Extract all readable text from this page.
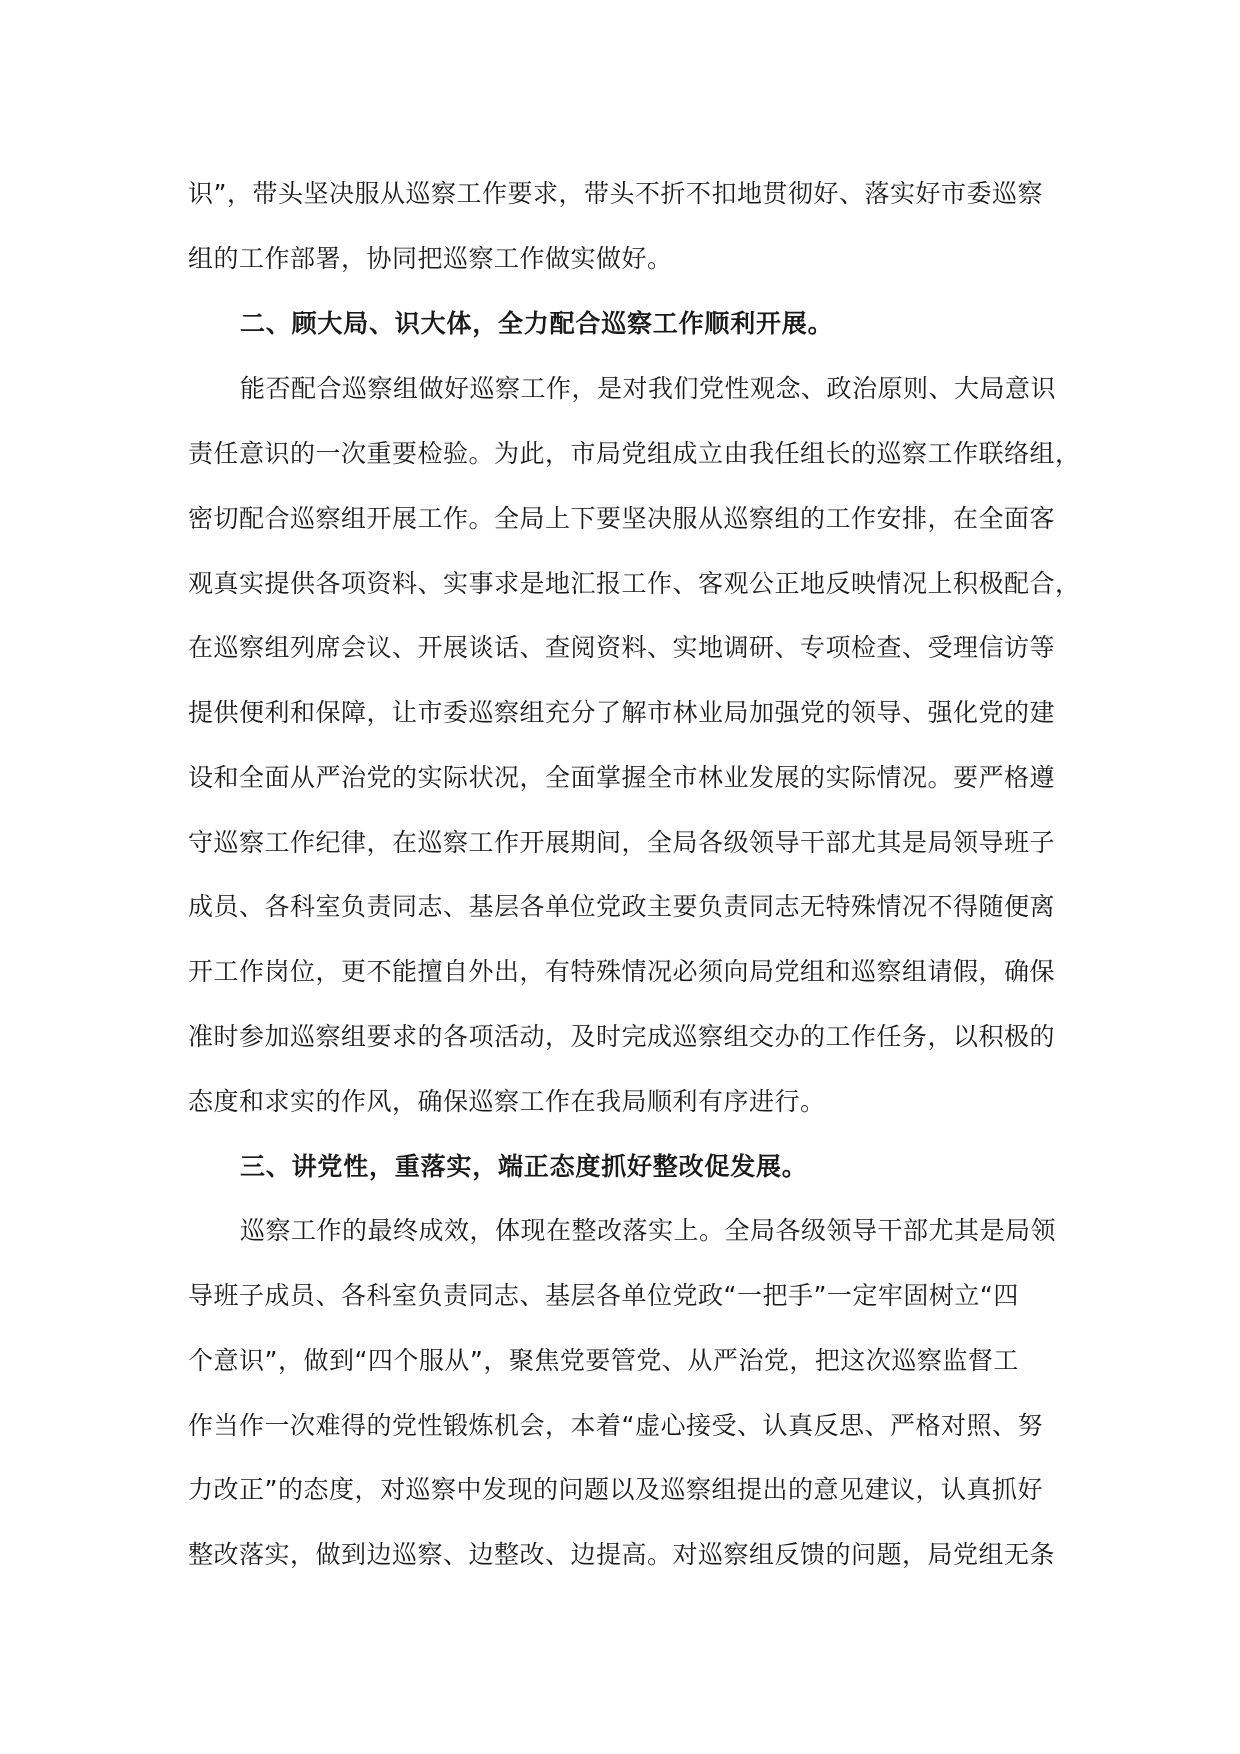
识”，带头坚决服从巡察工作要求，带头不折不扣地贯彻好、落实好市委巡察
组的工作部署，协同把巡察工作做实做好。
二、顾大局、识大体，全力配合巡察工作顺利开展。
能否配合巡察组做好巡察工作，是对我们党性观念、政治原则、大局意识
责任意识的一次重要检验。为此，市局党组成立由我任组长的巡察工作联络组，
密切配合巡察组开展工作。全局上下要坚决服从巡察组的工作安排，在全面客
观真实提供各项资料、实事求是地汇报工作、客观公正地反映情况上积极配合，
在巡察组列席会议、开展谈话、查阅资料、实地调研、专项检查、受理信访等
提供便利和保障，让市委巡察组充分了解市林业局加强党的领导、强化党的建
设和全面从严治党的实际状况，全面掌握全市林业发展的实际情况。要严格遵
守巡察工作纪律，在巡察工作开展期间，全局各级领导干部尤其是局领导班子
成员、各科室负责同志、基层各单位党政主要负责同志无特殊情况不得随便离
开工作岗位，更不能擅自外出，有特殊情况必须向局党组和巡察组请假，确保
准时参加巡察组要求的各项活动，及时完成巡察组交办的工作任务，以积极的
态度和求实的作风，确保巡察工作在我局顺利有序进行。
三、讲党性，重落实，端正态度抓好整改促发展。
巡察工作的最终成效，体现在整改落实上。全局各级领导干部尤其是局领
导班子成员、各科室负责同志、基层各单位党政“一把手”一定牢固树立“四
个意识”，做到“四个服从”，聚焦党要管党、从严治党，把这次巡察监督工
作当作一次难得的党性锻炼机会，本着“虚心接受、认真反思、严格对照、努
力改正”的态度，对巡察中发现的问题以及巡察组提出的意见建议，认真抓好
整改落实，做到边巡察、边整改、边提高。对巡察组反馈的问题，局党组无条
